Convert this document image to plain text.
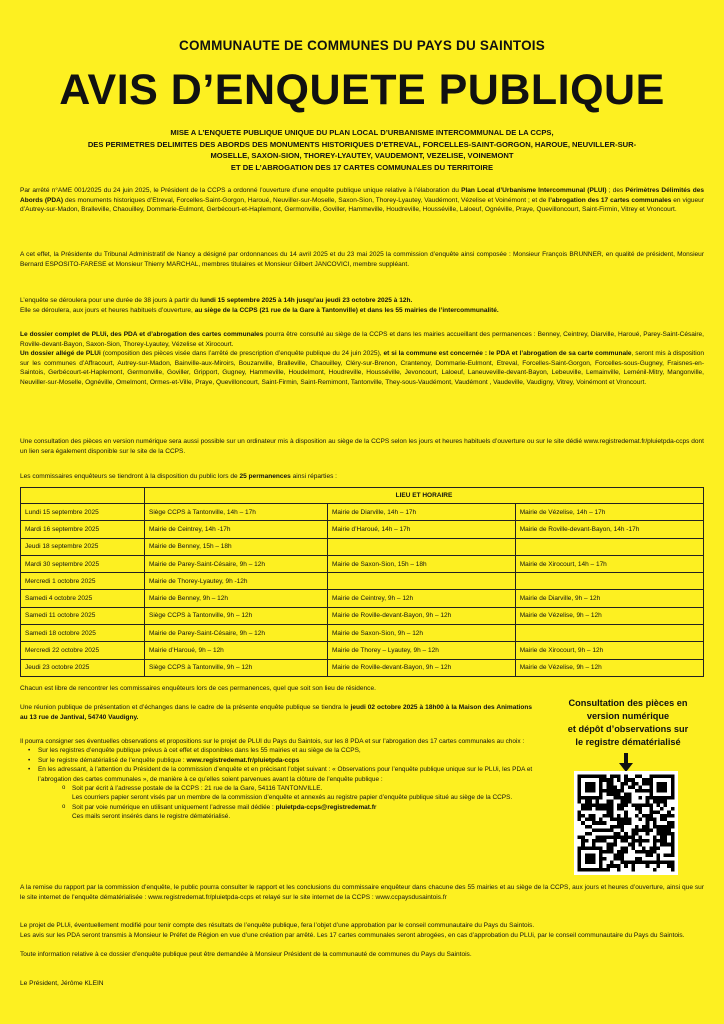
COMMUNAUTE DE COMMUNES DU PAYS DU SAINTOIS
AVIS D’ENQUETE PUBLIQUE
MISE A L’ENQUETE PUBLIQUE UNIQUE DU PLAN LOCAL D’URBANISME INTERCOMMUNAL DE LA CCPS,
DES PERIMETRES DELIMITES DES ABORDS DES MONUMENTS HISTORIQUES D’ETREVAL, FORCELLES-SAINT-GORGON, HAROUE, NEUVILLER-SUR-
MOSELLE, SAXON-SION, THOREY-LYAUTEY, VAUDEMONT, VEZELISE, VOINEMONT
ET DE L’ABROGATION DES 17 CARTES COMMUNALES DU TERRITOIRE
Par arrêté n°AME 001/2025 du 24 juin 2025, le Président de la CCPS a ordonné l’ouverture d’une enquête publique unique relative à l’élaboration du Plan Local d’Urbanisme Intercommunal (PLUI) ; des Périmètres Délimités des Abords (PDA) des monuments historiques d’Etreval, Forcelles-Saint-Gorgon, Haroué, Neuviller-sur-Moselle, Saxon-Sion, Thorey-Lyautey, Vaudémont, Vézelise et Voinémont ; et de l’abrogation des 17 cartes communales en vigueur d’Autrey-sur-Madon, Bralleville, Chaouilley, Dommarie-Eulmont, Gerbécourt-et-Haplemont, Germonville, Goviller, Hammeville, Houdreville, Housséville, Laloeuf, Ognéville, Praye, Quevilloncourt, Saint-Firmin, Vitrey et Vroncourt.
A cet effet, la Présidente du Tribunal Administratif de Nancy a désigné par ordonnances du 14 avril 2025 et du 23 mai 2025 la commission d’enquête ainsi composée : Monsieur François BRUNNER, en qualité de président, Monsieur Bernard ESPOSITO-FARESE et Monsieur Thierry MARCHAL, membres titulaires et Monsieur Gilbert JANCOVICI, membre suppléant.
L’enquête se déroulera pour une durée de 38 jours à partir du lundi 15 septembre 2025 à 14h jusqu’au jeudi 23 octobre 2025 à 12h.
Elle se déroulera, aux jours et heures habituels d’ouverture, au siège de la CCPS (21 rue de la Gare à Tantonville) et dans les 55 mairies de l’intercommunalité.
Le dossier complet de PLUi, des PDA et d’abrogation des cartes communales pourra être consulté au siège de la CCPS et dans les mairies accueillant des permanences : Benney, Ceintrey, Diarville, Haroué, Parey-Saint-Césaire, Roville-devant-Bayon, Saxon-Sion, Thorey-Lyautey, Vézelise et Xirocourt.
Un dossier allégé de PLUi (composition des pièces visée dans l’arrêté de prescription d’enquête publique du 24 juin 2025), et si la commune est concernée : le PDA et l’abrogation de sa carte communale, seront mis à disposition sur les communes d’Affracourt, Autrey-sur-Madon, Bainville-aux-Miroirs, Bouzanville, Bralleville, Chaouilley, Cléry-sur-Brenon, Crantenoy, Dommarie-Eulmont, Etreval, Forcelles-Saint-Gorgon, Forcelles-sous-Gugney, Fraisnes-en-Saintois, Gerbécourt-et-Haplemont, Germonville, Goviller, Gripport, Gugney, Hammeville, Houdelmont, Houdreville, Housséville, Jevoncourt, Laloeuf, Laneuveville-devant-Bayon, Lebeuville, Lemainville, Leménil-Mitry, Mangonville, Neuviller-sur-Moselle, Ognéville, Omelmont, Ormes-et-Ville, Praye, Quevilloncourt, Saint-Firmin, Saint-Remimont, Tantonville, They-sous-Vaudémont, Vaudémont , Vaudeville, Vaudigny, Vitrey, Voinémont et Vroncourt.
Une consultation des pièces en version numérique sera aussi possible sur un ordinateur mis à disposition au siège de la CCPS selon les jours et heures habituels d’ouverture ou sur le site dédié www.registredemat.fr/pluietpda-ccps dont un lien sera également disponible sur le site de la CCPS.
Les commissaires enquêteurs se tiendront à la disposition du public lors de 25 permanences ainsi réparties :
	LIEU ET HORAIRE		
Lundi 15 septembre 2025	Siège CCPS à Tantonville, 14h – 17h	Mairie de Diarville, 14h – 17h	Mairie de Vézelise, 14h – 17h
Mardi 16 septembre 2025	Mairie de Ceintrey, 14h -17h	Mairie d’Haroué, 14h – 17h	Mairie de Roville-devant-Bayon, 14h -17h
Jeudi 18 septembre 2025	Mairie de Benney, 15h – 18h		
Mardi 30 septembre 2025	Mairie de Parey-Saint-Césaire, 9h – 12h	Mairie de Saxon-Sion, 15h – 18h	Mairie de Xirocourt, 14h – 17h
Mercredi 1 octobre 2025	Mairie de Thorey-Lyautey, 9h -12h		
Samedi 4 octobre 2025	Mairie de Benney, 9h – 12h	Mairie de Ceintrey, 9h – 12h	Mairie de Diarville, 9h – 12h
Samedi 11 octobre 2025	Siège CCPS à Tantonville, 9h – 12h	Mairie de Roville-devant-Bayon, 9h – 12h	Mairie de Vézelise, 9h – 12h
Samedi 18 octobre 2025	Mairie de Parey-Saint-Césaire, 9h – 12h	Mairie de Saxon-Sion, 9h – 12h	
Mercredi 22 octobre 2025	Mairie d’Haroué, 9h – 12h	Mairie de Thorey – Lyautey, 9h – 12h	Mairie de Xirocourt, 9h – 12h
Jeudi 23 octobre 2025	Siège CCPS à Tantonville, 9h – 12h	Mairie de Roville-devant-Bayon, 9h – 12h	Mairie de Vézelise, 9h – 12h
Chacun est libre de rencontrer les commissaires enquêteurs lors de ces permanences, quel que soit son lieu de résidence.
Une réunion publique de présentation et d’échanges dans le cadre de la présente enquête publique se tiendra le jeudi 02 octobre 2025 à 18h00 à la Maison des Animations au 13 rue de Jantival, 54740 Vaudigny.
Il pourra consigner ses éventuelles observations et propositions sur le projet de PLUI du Pays du Saintois, sur les 8 PDA et sur l’abrogation des 17 cartes communales au choix :
• Sur les registres d’enquête publique prévus à cet effet et disponibles dans les 55 mairies et au siège de la CCPS,
• Sur le registre dématérialisé de l’enquête publique : www.registredemat.fr/pluietpda-ccps
• En les adressant, à l’attention du Président de la commission d’enquête et en précisant l’objet suivant : « Observations pour l’enquête publique unique sur le PLUi, les PDA et l’abrogation des cartes communales », de manière à ce qu’elles soient parvenues avant la clôture de l’enquête publique :
o Soit par écrit à l’adresse postale de la CCPS : 21 rue de la Gare, 54116 TANTONVILLE.
Les courriers papier seront visés par un membre de la commission d’enquête et annexés au registre papier d’enquête publique situé au siège de la CCPS.
o Soit par voie numérique en utilisant uniquement l’adresse mail dédiée : pluietpda-ccps@registredemat.fr
Ces mails seront insérés dans le registre dématérialisé.
Consultation des pièces en
version numérique
et dépôt d’observations sur
le registre dématérialisé
A la remise du rapport par la commission d’enquête, le public pourra consulter le rapport et les conclusions du commissaire enquêteur dans chacune des 55 mairies et au siège de la CCPS, aux jours et heures d’ouverture, ainsi que sur le site internet de l’enquête dématérialisée : www.registredemat.fr/pluietpda-ccps et relayé sur le site internet de la CCPS : www.ccpaysdusaintois.fr
Le projet de PLUi, éventuellement modifié pour tenir compte des résultats de l’enquête publique, fera l’objet d’une approbation par le conseil communautaire du Pays du Saintois.
Les avis sur les PDA seront transmis à Monsieur le Préfet de Région en vue d’une création par arrêté. Les 17 cartes communales seront abrogées, en cas d’approbation du PLUi, par le conseil communautaire du Pays du Saintois.
Toute information relative à ce dossier d’enquête publique peut être demandée à Monsieur Président de la communauté de communes du Pays du Saintois.
Le Président, Jérôme KLEIN
